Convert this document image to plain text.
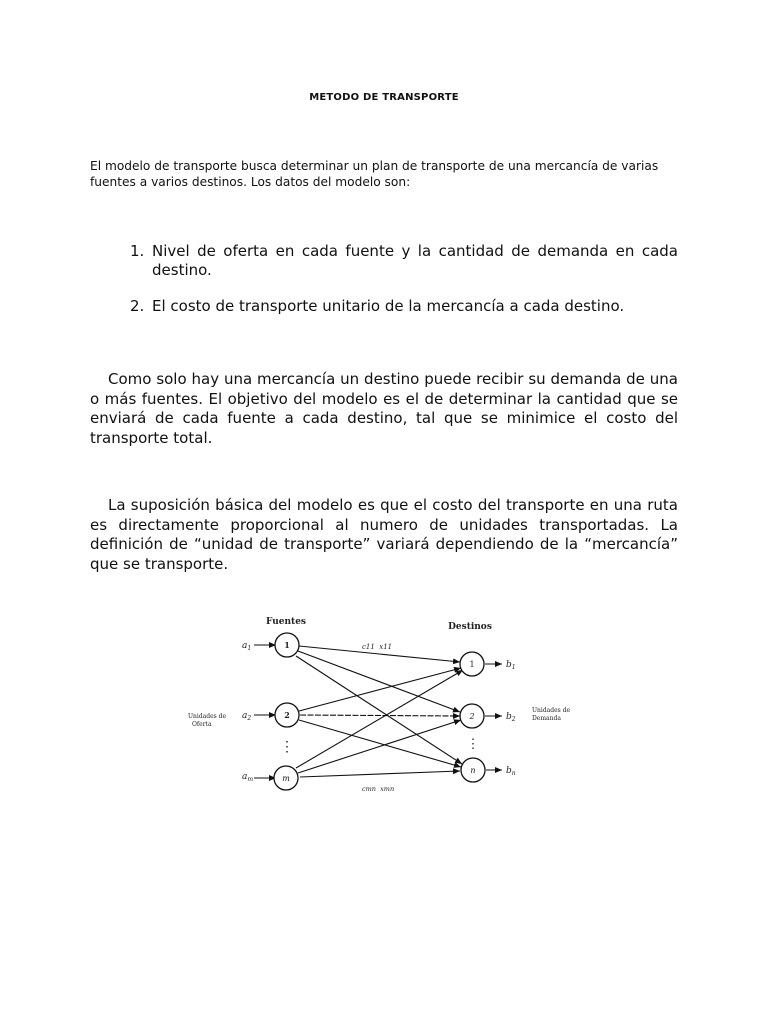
METODO DE TRANSPORTE

El modelo de transporte busca determinar un plan de transporte de una mercancía de varias fuentes a varios destinos. Los datos del modelo son:

1. Nivel de oferta en cada fuente y la cantidad de demanda en cada destino.
2. El costo de transporte unitario de la mercancía a cada destino.

Como solo hay una mercancía un destino puede recibir su demanda de una o más fuentes. El objetivo del modelo es el de determinar la cantidad que se enviará de cada fuente a cada destino, tal que se minimice el costo del transporte total.

La suposición básica del modelo es que el costo del transporte en una ruta es directamente proporcional al numero de unidades transportadas. La definición de “unidad de transporte” variará dependiendo de la “mercancía” que se transporte.

Fuentes	Destinos
Unidades de Oferta
Unidades de Demanda
$a_1$
$a_2$
$a_m$
c11  x11
cmn  xmn
1
2
m
1
2
n
⋮	⋮
$b_1$
$b_2$
$b_n$
